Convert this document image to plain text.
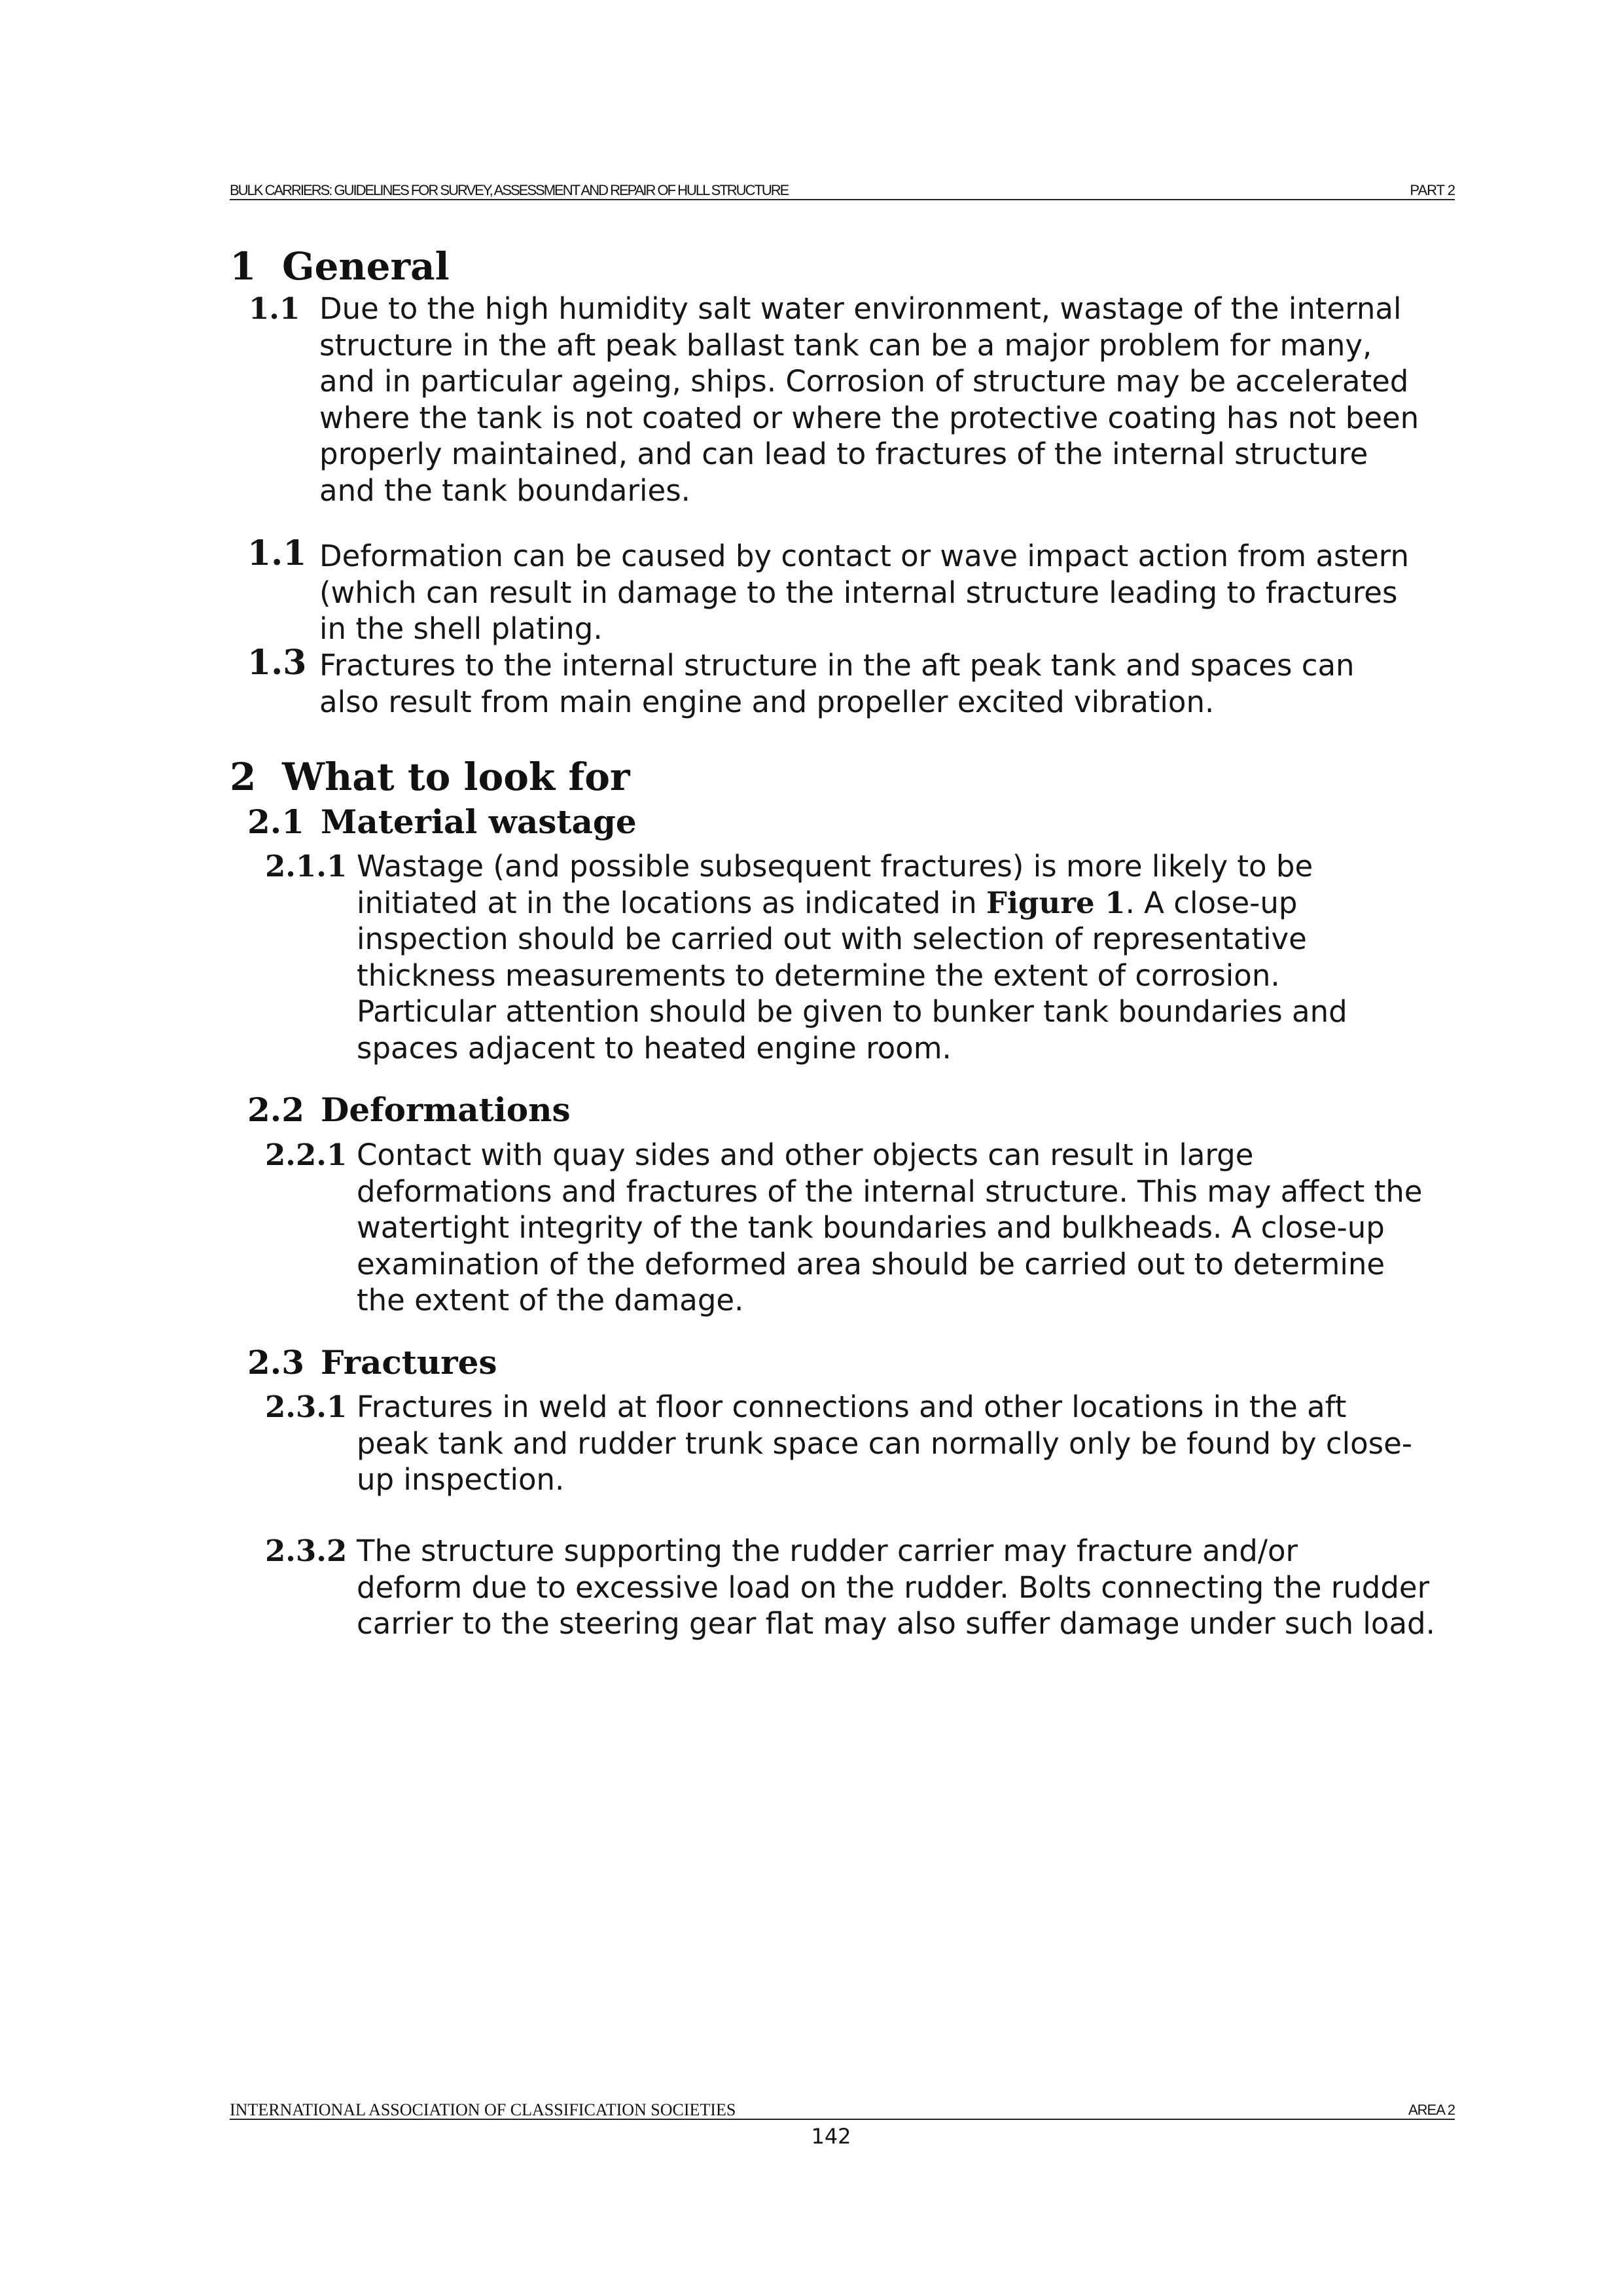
BULK CARRIERS: GUIDELINES FOR SURVEY, ASSESSMENT AND REPAIR OF HULL STRUCTURE	PART 2
1 General
1.1 Due to the high humidity salt water environment, wastage of the internal
structure in the aft peak ballast tank can be a major problem for many,
and in particular ageing, ships. Corrosion of structure may be accelerated
where the tank is not coated or where the protective coating has not been
properly maintained, and can lead to fractures of the internal structure
and the tank boundaries.
1.1 Deformation can be caused by contact or wave impact action from astern
(which can result in damage to the internal structure leading to fractures
in the shell plating.
1.3 Fractures to the internal structure in the aft peak tank and spaces can
also result from main engine and propeller excited vibration.
2 What to look for
2.1 Material wastage
2.1.1 Wastage (and possible subsequent fractures) is more likely to be
initiated at in the locations as indicated in Figure 1. A close-up
inspection should be carried out with selection of representative
thickness measurements to determine the extent of corrosion.
Particular attention should be given to bunker tank boundaries and
spaces adjacent to heated engine room.
2.2 Deformations
2.2.1 Contact with quay sides and other objects can result in large
deformations and fractures of the internal structure. This may affect the
watertight integrity of the tank boundaries and bulkheads. A close-up
examination of the deformed area should be carried out to determine
the extent of the damage.
2.3 Fractures
2.3.1 Fractures in weld at floor connections and other locations in the aft
peak tank and rudder trunk space can normally only be found by close-
up inspection.
2.3.2 The structure supporting the rudder carrier may fracture and/or
deform due to excessive load on the rudder. Bolts connecting the rudder
carrier to the steering gear flat may also suffer damage under such load.
INTERNATIONAL ASSOCIATION OF CLASSIFICATION SOCIETIES	AREA 2
142
